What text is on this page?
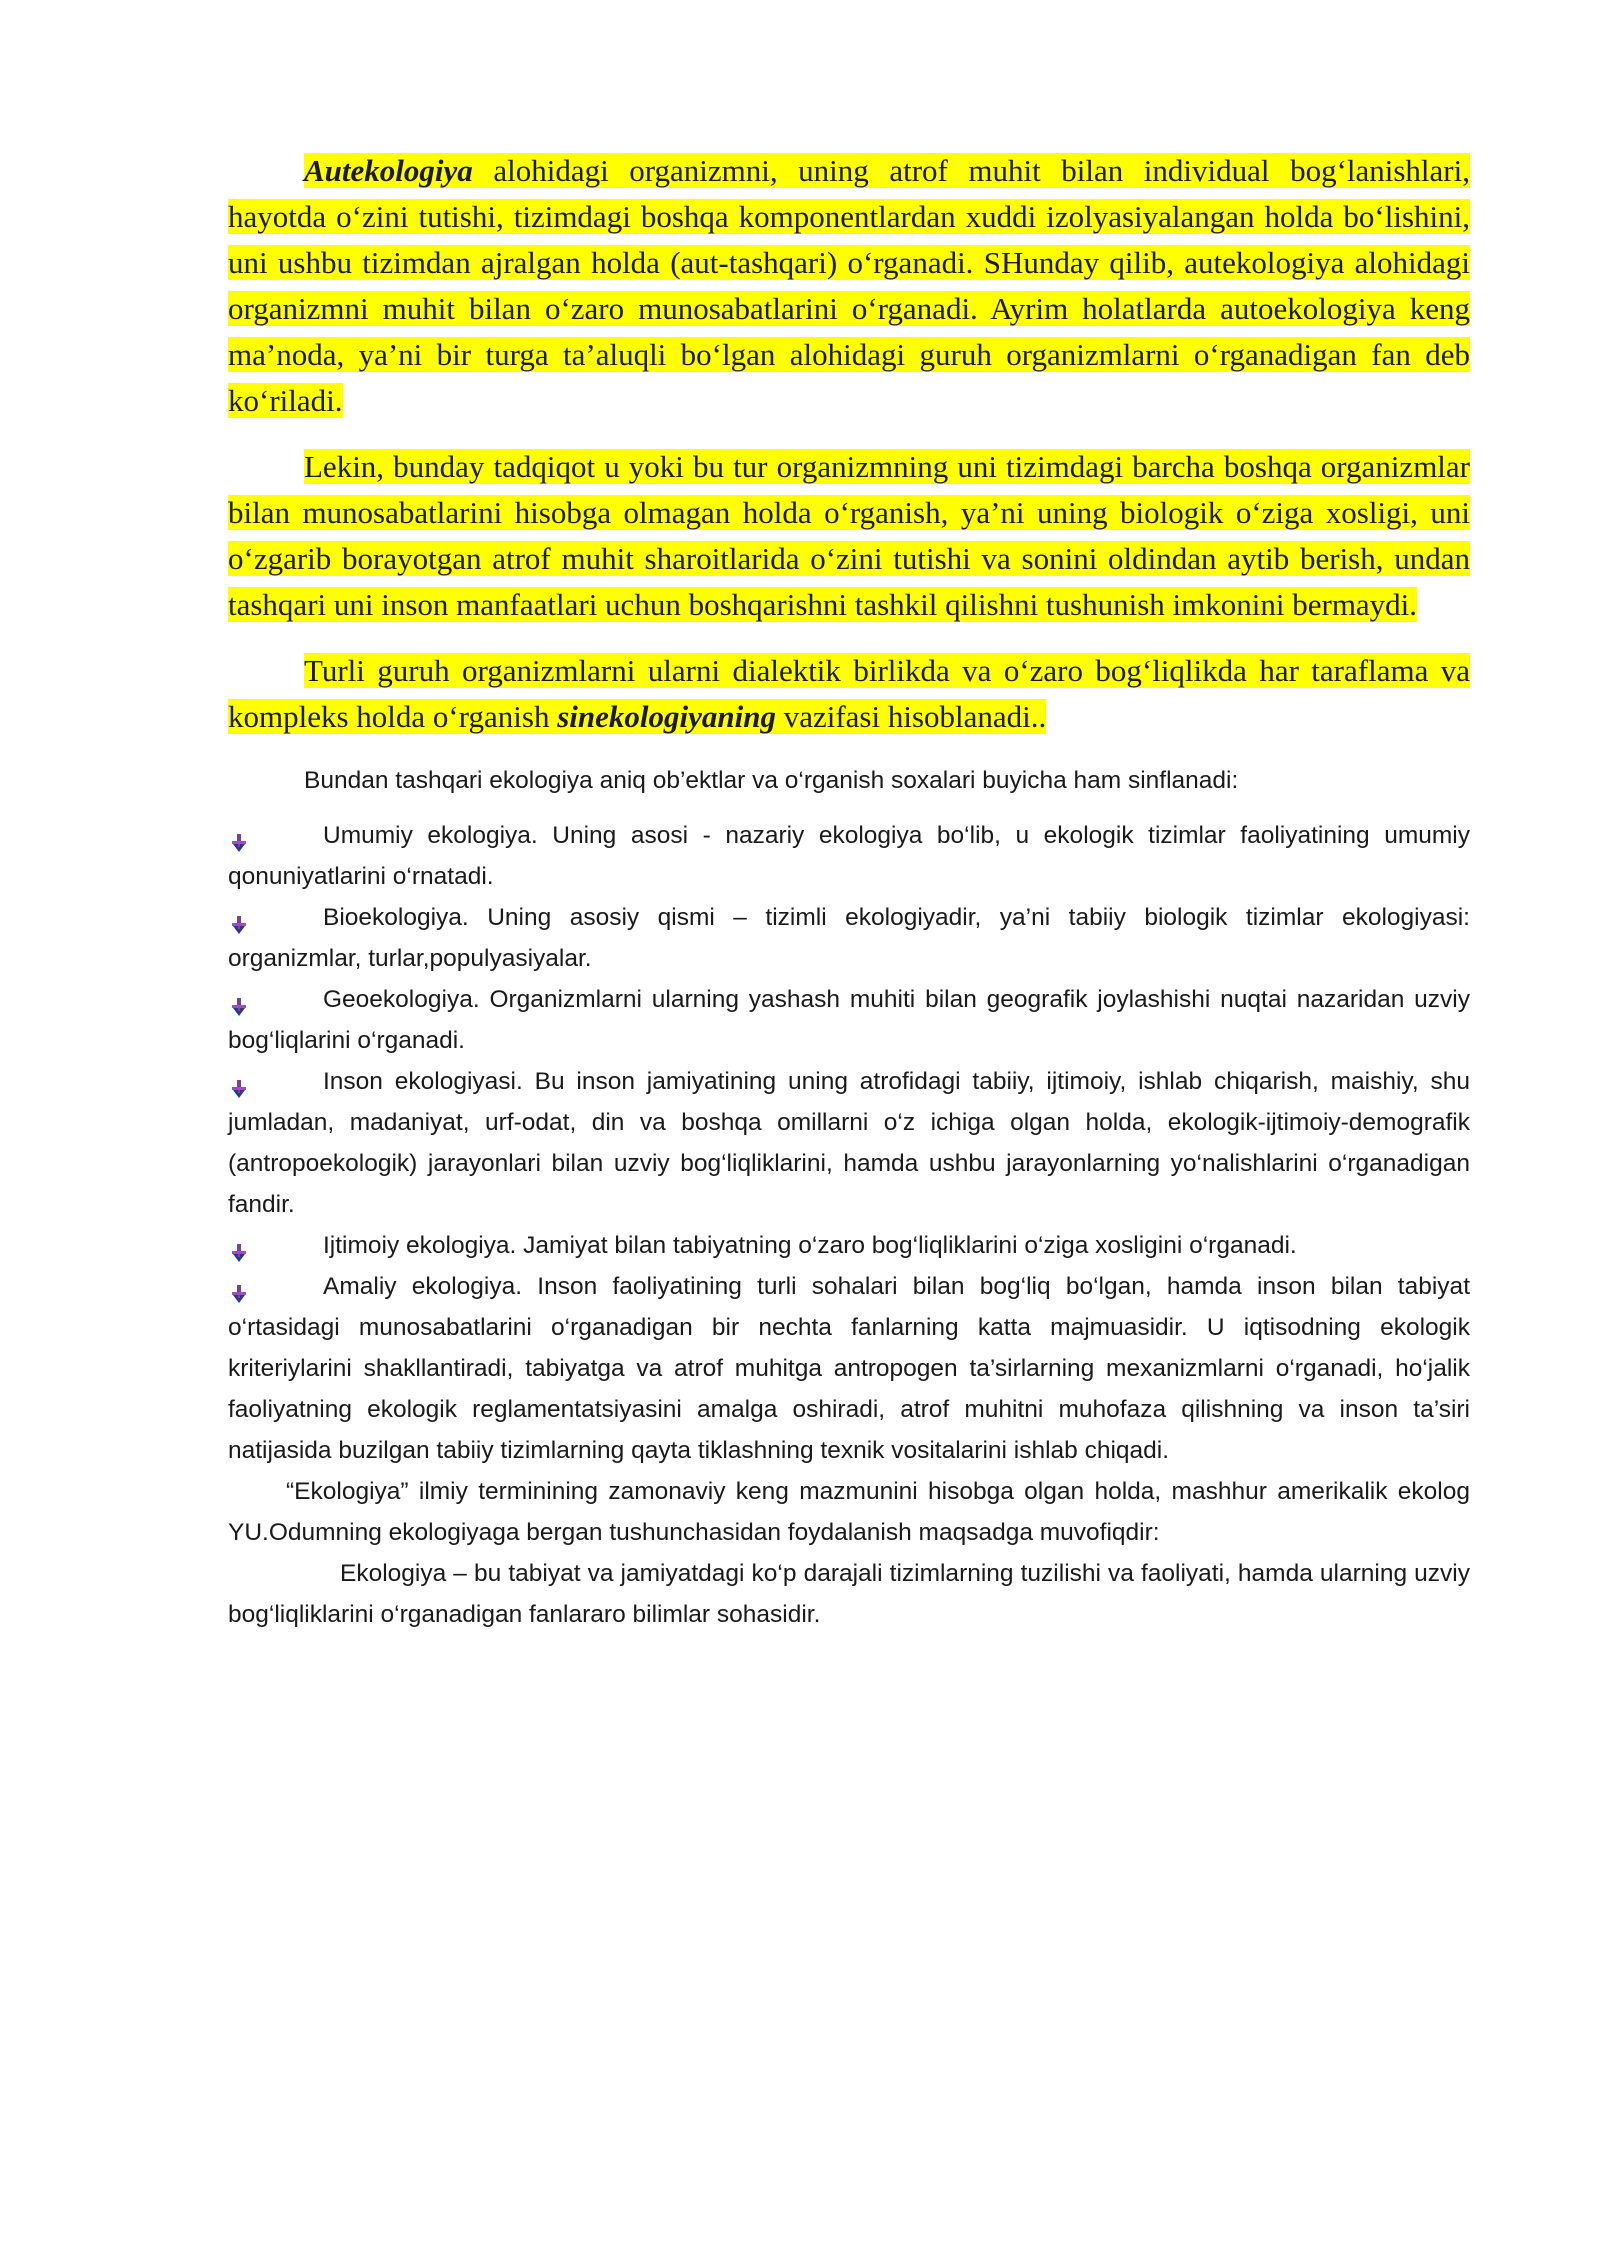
Autekologiya alohidagi organizmni, uning atrof muhit bilan individual bog‘lanishlari, hayotda o‘zini tutishi, tizimdagi boshqa komponentlardan xuddi izolyasiyalangan holda bo‘lishini, uni ushbu tizimdan ajralgan holda (aut-tashqari) o‘rganadi. SHunday qilib, autekologiya alohidagi organizmni muhit bilan o‘zaro munosabatlarini o‘rganadi. Ayrim holatlarda autoekologiya keng ma’noda, ya’ni bir turga ta’aluqli bo‘lgan alohidagi guruh organizmlarni o‘rganadigan fan deb ko‘riladi.

Lekin, bunday tadqiqot u yoki bu tur organizmning uni tizimdagi barcha boshqa organizmlar bilan munosabatlarini hisobga olmagan holda o‘rganish, ya’ni uning biologik o‘ziga xosligi, uni o‘zgarib borayotgan atrof muhit sharoitlarida o‘zini tutishi va sonini oldindan aytib berish, undan tashqari uni inson manfaatlari uchun boshqarishni tashkil qilishni tushunish imkonini bermaydi.

Turli guruh organizmlarni ularni dialektik birlikda va o‘zaro bog‘liqlikda har taraflama va kompleks holda o‘rganish sinekologiyaning vazifasi hisoblanadi..

Bundan tashqari ekologiya aniq ob’ektlar va o‘rganish soxalari buyicha ham sinflanadi:

Umumiy ekologiya. Uning asosi - nazariy ekologiya bo‘lib, u ekologik tizimlar faoliyatining umumiy qonuniyatlarini o‘rnatadi.

Bioekologiya. Uning asosiy qismi – tizimli ekologiyadir, ya’ni tabiiy biologik tizimlar ekologiyasi: organizmlar, turlar,populyasiyalar.

Geoekologiya. Organizmlarni ularning yashash muhiti bilan geografik joylashishi nuqtai nazaridan uzviy bog‘liqlarini o‘rganadi.

Inson ekologiyasi. Bu inson jamiyatining uning atrofidagi tabiiy, ijtimoiy, ishlab chiqarish, maishiy, shu jumladan, madaniyat, urf-odat, din va boshqa omillarni o‘z ichiga olgan holda, ekologik-ijtimoiy-demografik (antropoekologik) jarayonlari bilan uzviy bog‘liqliklarini, hamda ushbu jarayonlarning yo‘nalishlarini o‘rganadigan fandir.

Ijtimoiy ekologiya. Jamiyat bilan tabiyatning o‘zaro bog‘liqliklarini o‘ziga xosligini o‘rganadi.

Amaliy ekologiya. Inson faoliyatining turli sohalari bilan bog‘liq bo‘lgan, hamda inson bilan tabiyat o‘rtasidagi munosabatlarini o‘rganadigan bir nechta fanlarning katta majmuasidir. U iqtisodning ekologik kriteriylarini shakllantiradi, tabiyatga va atrof muhitga antropogen ta’sirlarning mexanizmlarni o‘rganadi, ho‘jalik faoliyatning ekologik reglamentatsiyasini amalga oshiradi, atrof muhitni muhofaza qilishning va inson ta’siri natijasida buzilgan tabiiy tizimlarning qayta tiklashning texnik vositalarini ishlab chiqadi.

“Ekologiya” ilmiy terminining zamonaviy keng mazmunini hisobga olgan holda, mashhur amerikalik ekolog YU.Odumning ekologiyaga bergan tushunchasidan foydalanish maqsadga muvofiqdir:

Ekologiya – bu tabiyat va jamiyatdagi ko‘p darajali tizimlarning tuzilishi va faoliyati, hamda ularning uzviy bog‘liqliklarini o‘rganadigan fanlararo bilimlar sohasidir.
